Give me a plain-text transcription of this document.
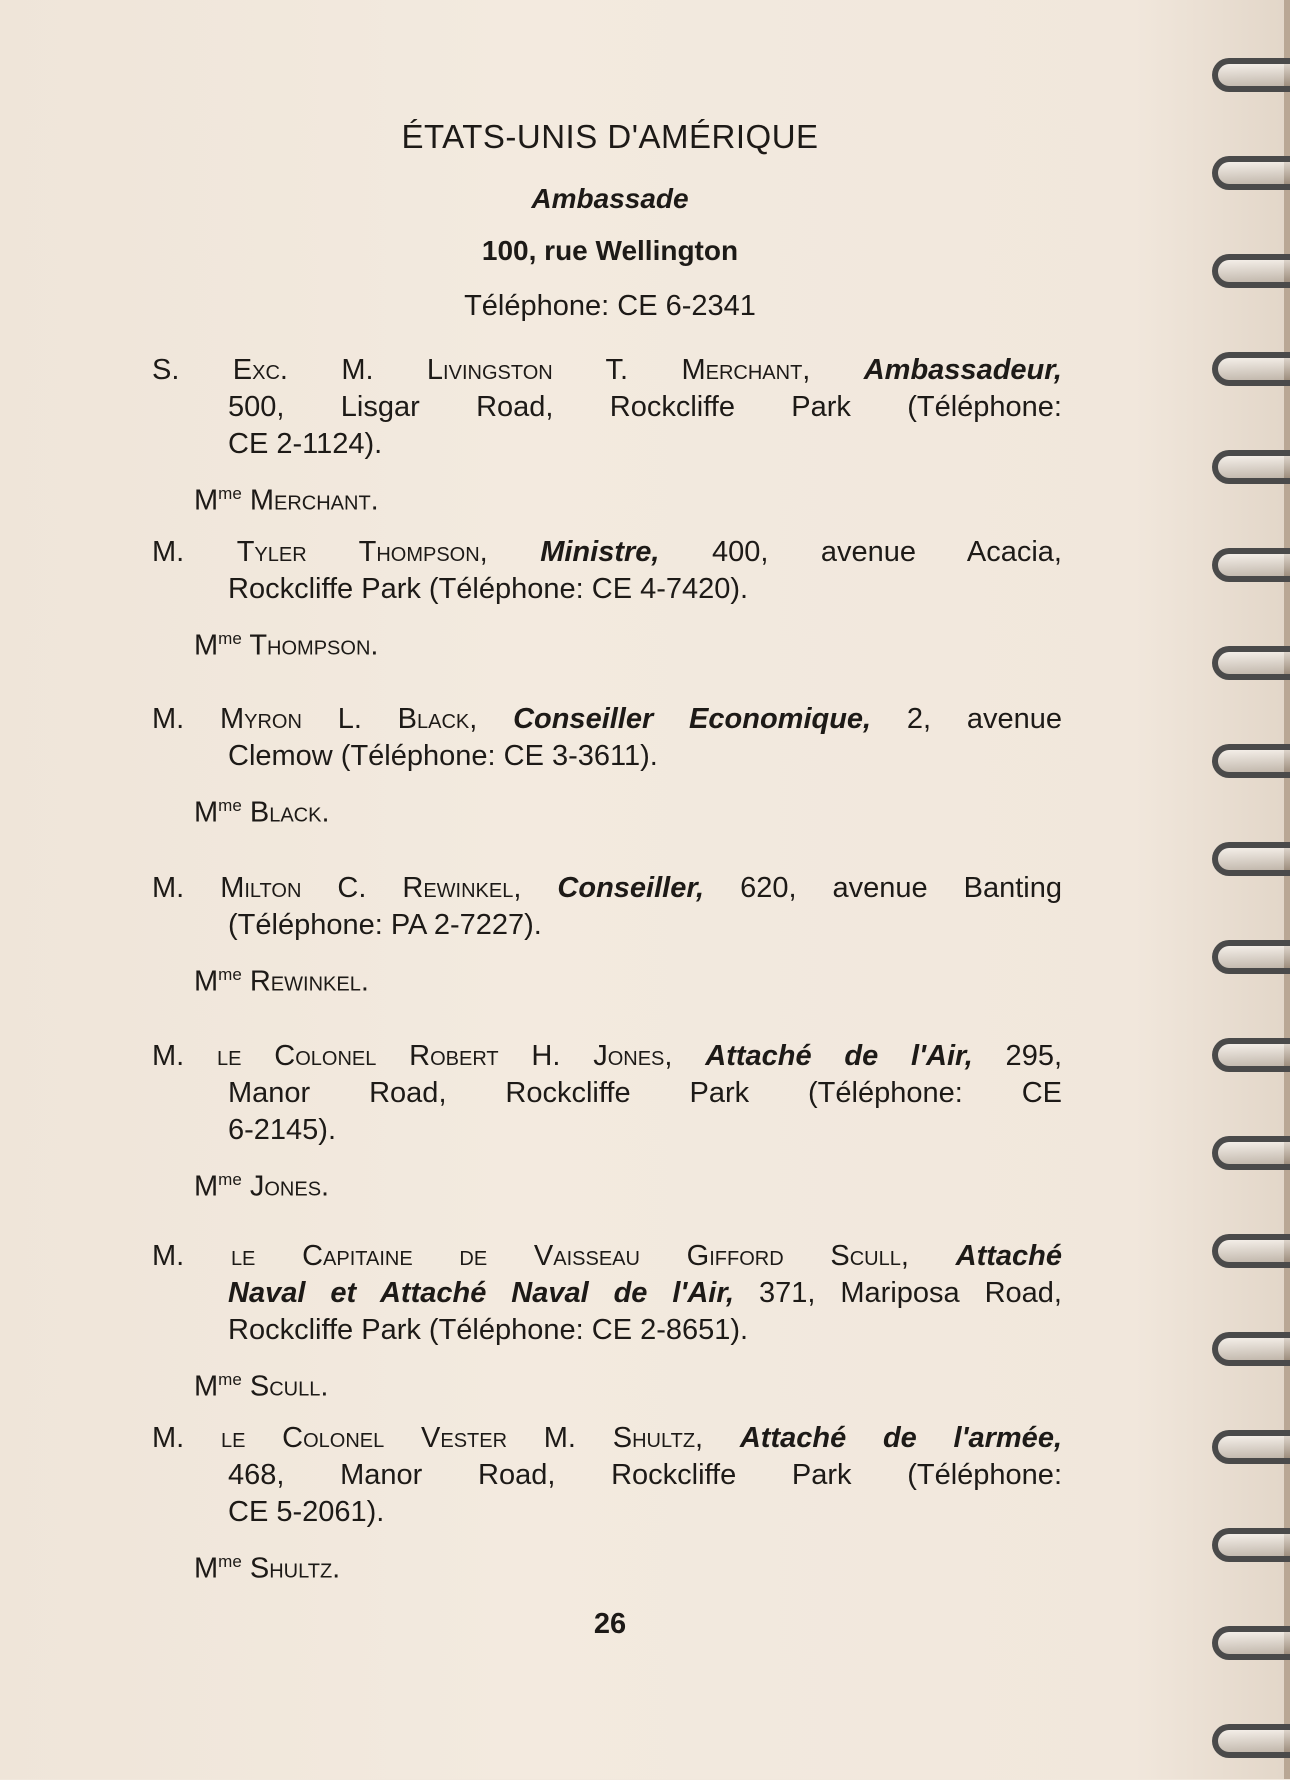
ÉTATS-UNIS D'AMÉRIQUE
Ambassade
100, rue Wellington
Téléphone: CE 6-2341
S. Exc. M. Livingston T. Merchant, Ambassadeur,
500, Lisgar Road, Rockcliffe Park (Téléphone:
CE 2-1124).
$M^{me}$ Merchant.
M. Tyler Thompson, Ministre, 400, avenue Acacia,
Rockcliffe Park (Téléphone: CE 4-7420).
$M^{me}$ Thompson.
M. Myron L. Black, Conseiller Economique, 2, avenue
Clemow (Téléphone: CE 3-3611).
$M^{me}$ Black.
M. Milton C. Rewinkel, Conseiller, 620, avenue Banting
(Téléphone: PA 2-7227).
$M^{me}$ Rewinkel.
M. le Colonel Robert H. Jones, Attaché de l'Air, 295,
Manor Road, Rockcliffe Park (Téléphone: CE
6-2145).
$M^{me}$ Jones.
M. le Capitaine de Vaisseau Gifford Scull, Attaché
Naval et Attaché Naval de l'Air, 371, Mariposa Road,
Rockcliffe Park (Téléphone: CE 2-8651).
$M^{me}$ Scull.
M. le Colonel Vester M. Shultz, Attaché de l'armée,
468, Manor Road, Rockcliffe Park (Téléphone:
CE 5-2061).
$M^{me}$ Shultz.
26
